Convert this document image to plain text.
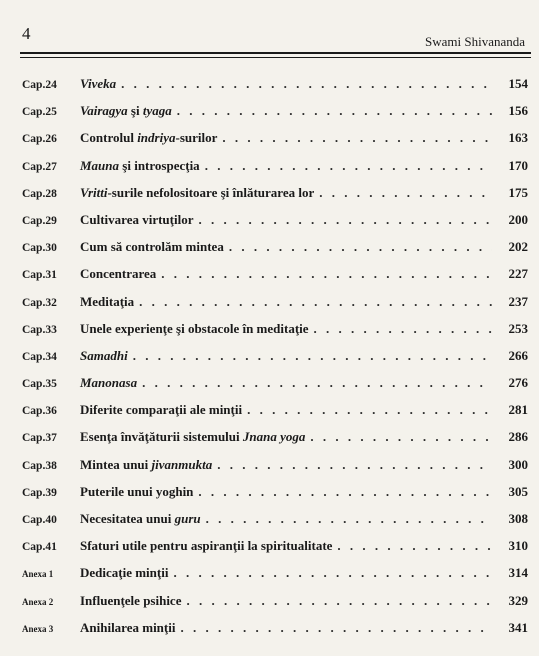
4	Swami Shivananda
Cap.24	Viveka . . .	154
Cap.25	Vairagya şi tyaga . . .	156
Cap.26	Controlul indriya-surilor . . .	163
Cap.27	Mauna şi introspecţia . . .	170
Cap.28	Vritti-surile nefolositoare şi înlăturarea lor . . .	175
Cap.29	Cultivarea virtuţilor . . .	200
Cap.30	Cum să controlăm mintea . . .	202
Cap.31	Concentrarea . . .	227
Cap.32	Meditaţia . . .	237
Cap.33	Unele experienţe şi obstacole în meditaţie . . .	253
Cap.34	Samadhi . . .	266
Cap.35	Manonasa . . .	276
Cap.36	Diferite comparaţii ale minţii . . .	281
Cap.37	Esenţa învăţăturii sistemului Jnana yoga . . .	286
Cap.38	Mintea unui jivanmukta . . .	300
Cap.39	Puterile unui yoghin . . .	305
Cap.40	Necesitatea unui guru . . .	308
Cap.41	Sfaturi utile pentru aspiranţii la spiritualitate . . .	310
Anexa 1	Dedicaţie minţii . . .	314
Anexa 2	Influenţele psihice . . .	329
Anexa 3	Anihilarea minţii . . .	341
